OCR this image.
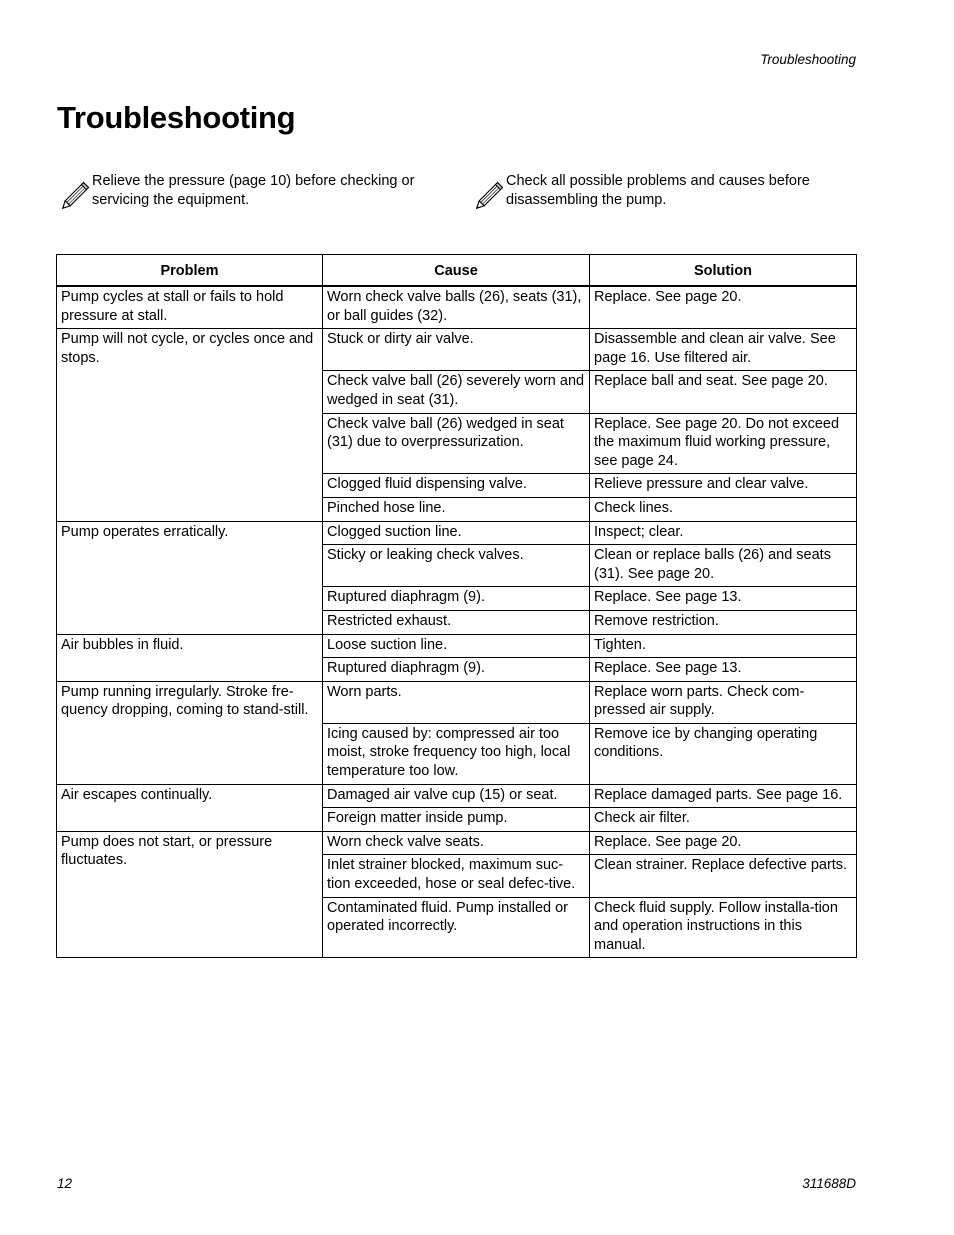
Troubleshooting
Troubleshooting
Relieve the pressure (page 10) before checking or servicing the equipment.
Check all possible problems and causes before disassembling the pump.
Problem	Cause	Solution
Pump cycles at stall or fails to hold pressure at stall.	Worn check valve balls (26), seats (31), or ball guides (32).	Replace. See page 20.
Pump will not cycle, or cycles once and stops.	Stuck or dirty air valve.	Disassemble and clean air valve. See page 16. Use filtered air.
	Check valve ball (26) severely worn and wedged in seat (31).	Replace ball and seat. See page 20.
	Check valve ball (26) wedged in seat (31) due to overpressurization.	Replace. See page 20. Do not exceed the maximum fluid working pressure, see page 24.
	Clogged fluid dispensing valve.	Relieve pressure and clear valve.
	Pinched hose line.	Check lines.
Pump operates erratically.	Clogged suction line.	Inspect; clear.
	Sticky or leaking check valves.	Clean or replace balls (26) and seats (31). See page 20.
	Ruptured diaphragm (9).	Replace. See page 13.
	Restricted exhaust.	Remove restriction.
Air bubbles in fluid.	Loose suction line.	Tighten.
	Ruptured diaphragm (9).	Replace. See page 13.
Pump running irregularly. Stroke fre-quency dropping, coming to stand-still.	Worn parts.	Replace worn parts. Check com-pressed air supply.
	Icing caused by: compressed air too moist, stroke frequency too high, local temperature too low.	Remove ice by changing operating conditions.
Air escapes continually.	Damaged air valve cup (15) or seat.	Replace damaged parts. See page 16.
	Foreign matter inside pump.	Check air filter.
Pump does not start, or pressure fluctuates.	Worn check valve seats.	Replace. See page 20.
	Inlet strainer blocked, maximum suc-tion exceeded, hose or seal defec-tive.	Clean strainer. Replace defective parts.
	Contaminated fluid. Pump installed or operated incorrectly.	Check fluid supply. Follow installa-tion and operation instructions in this manual.
12	311688D
